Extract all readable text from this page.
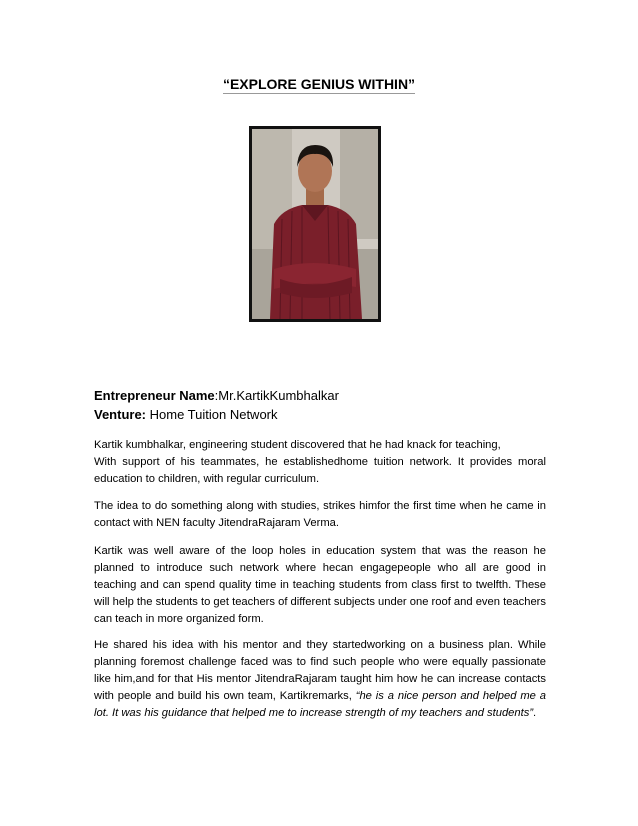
“EXPLORE GENIUS WITHIN”
Entrepreneur Name:Mr.KartikKumbhalkar
Venture: Home Tuition Network
Kartik kumbhalkar, engineering student discovered that he had knack for teaching,
With support of his teammates, he establishedhome tuition network. It provides moral education to children, with regular curriculum.
The idea to do something along with studies, strikes himfor the first time when he came in contact with NEN faculty JitendraRajaram Verma.
Kartik was well aware of the loop holes in education system that was the reason he planned to introduce such network where hecan engagepeople who all are good in teaching and can spend quality time in teaching students from class first to twelfth. These will help the students to get teachers of different subjects under one roof and even teachers can teach in more organized form.
He shared his idea with his mentor and they startedworking on a business plan. While planning foremost challenge faced was to find such people who were equally passionate like him,and for that His mentor JitendraRajaram taught him how he can increase contacts with people and build his own team, Kartikremarks, “he is a nice person and helped me a lot. It was his guidance that helped me to increase strength of my teachers and students”.
